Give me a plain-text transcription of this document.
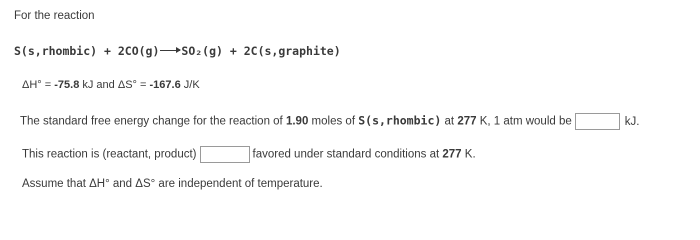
For the reaction
S(s,rhombic) + 2CO(g)→SO₂(g) + 2C(s,graphite)
ΔH° = -75.8 kJ and ΔS° = -167.6 J/K
The standard free energy change for the reaction of 1.90 moles of S(s,rhombic) at 277 K, 1 atm would be	kJ.
This reaction is (reactant, product)	favored under standard conditions at 277 K.
Assume that ΔH° and ΔS° are independent of temperature.
